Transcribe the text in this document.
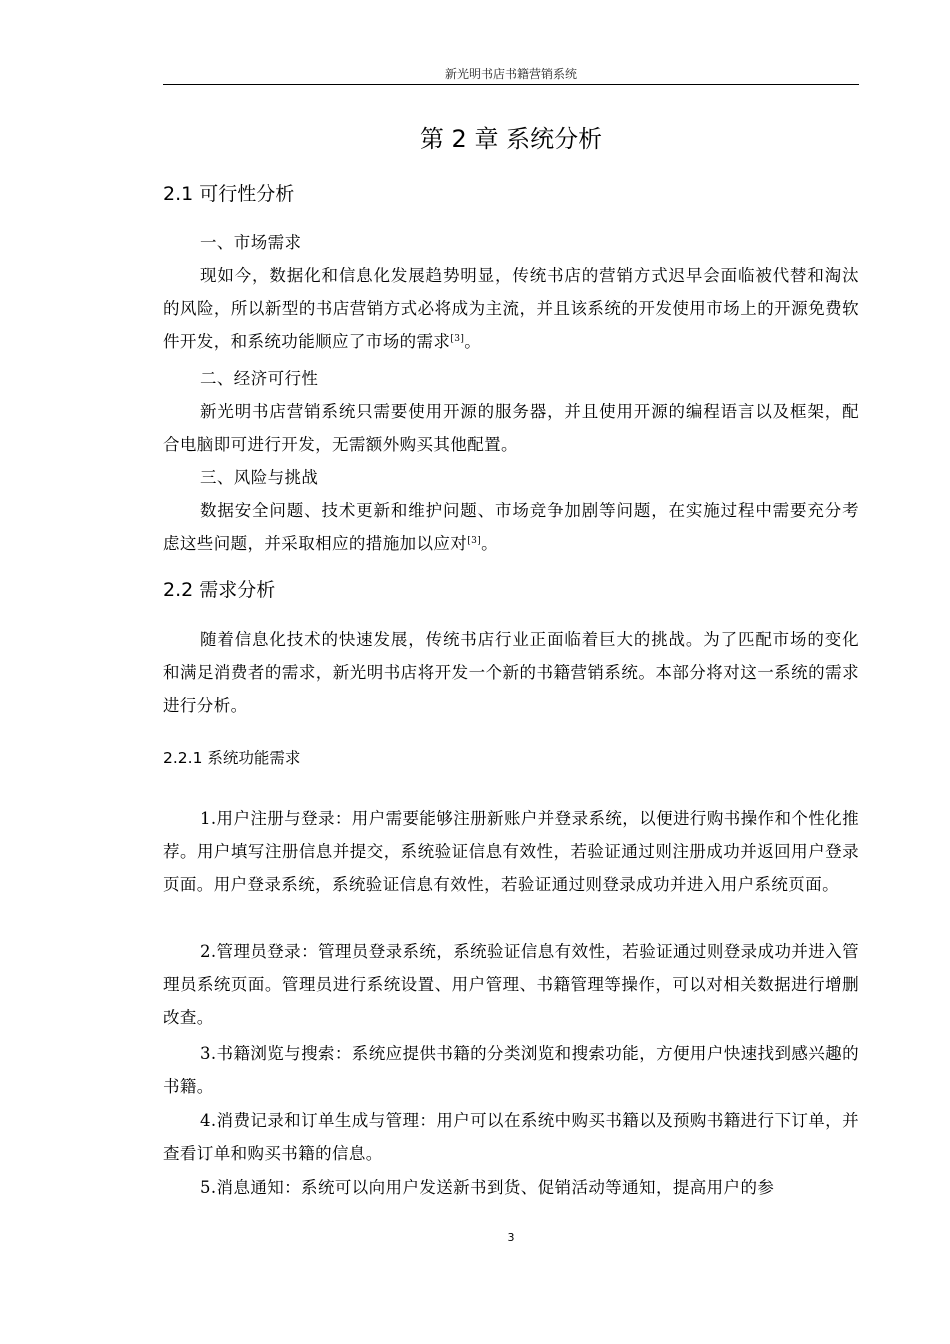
新光明书店书籍营销系统
第 2 章 系统分析
2.1 可行性分析
一、市场需求

现如今，数据化和信息化发展趋势明显，传统书店的营销方式迟早会面临被代替和淘汰的风险，所以新型的书店营销方式必将成为主流，并且该系统的开发使用市场上的开源免费软件开发，和系统功能顺应了市场的需求[3]。

二、经济可行性

新光明书店营销系统只需要使用开源的服务器，并且使用开源的编程语言以及框架，配合电脑即可进行开发，无需额外购买其他配置。

三、风险与挑战

数据安全问题、技术更新和维护问题、市场竞争加剧等问题，在实施过程中需要充分考虑这些问题，并采取相应的措施加以应对[3]。

2.2 需求分析

随着信息化技术的快速发展，传统书店行业正面临着巨大的挑战。为了匹配市场的变化和满足消费者的需求，新光明书店将开发一个新的书籍营销系统。本部分将对这一系统的需求进行分析。

2.2.1 系统功能需求

1.用户注册与登录：用户需要能够注册新账户并登录系统，以便进行购书操作和个性化推荐。用户填写注册信息并提交，系统验证信息有效性，若验证通过则注册成功并返回用户登录页面。用户登录系统，系统验证信息有效性，若验证通过则登录成功并进入用户系统页面。

2.管理员登录：管理员登录系统，系统验证信息有效性，若验证通过则登录成功并进入管理员系统页面。管理员进行系统设置、用户管理、书籍管理等操作，可以对相关数据进行增删改查。

3.书籍浏览与搜索：系统应提供书籍的分类浏览和搜索功能，方便用户快速找到感兴趣的书籍。

4.消费记录和订单生成与管理：用户可以在系统中购买书籍以及预购书籍进行下订单，并查看订单和购买书籍的信息。

5.消息通知：系统可以向用户发送新书到货、促销活动等通知，提高用户的参

3
